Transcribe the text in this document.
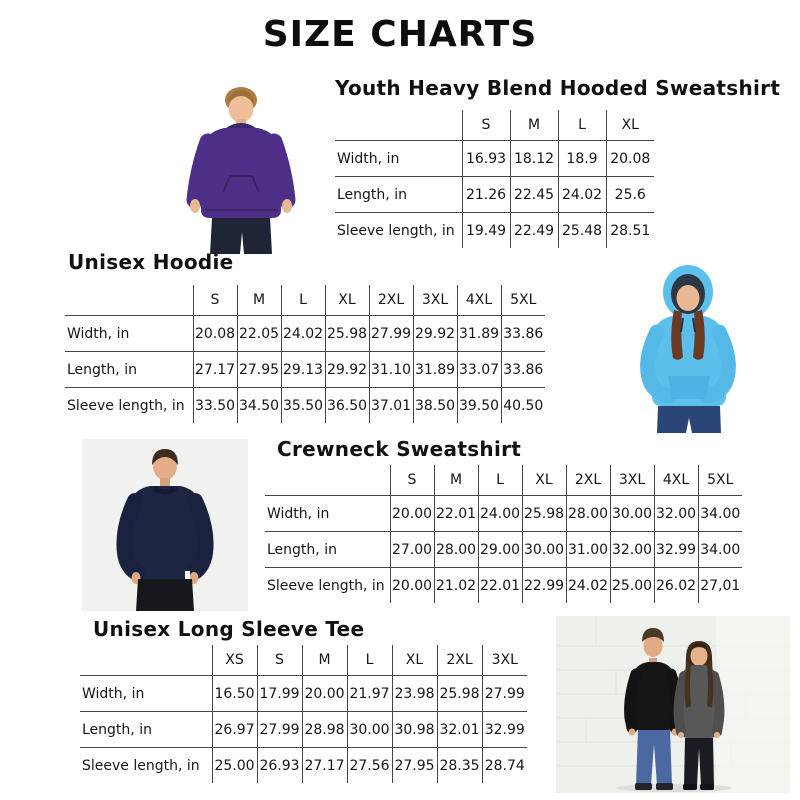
SIZE CHARTS
Youth Heavy Blend Hooded Sweatshirt
	S	M	L	XL
Width, in	16.93	18.12	18.9	20.08
Length, in	21.26	22.45	24.02	25.6
Sleeve length, in	19.49	22.49	25.48	28.51
Unisex Hoodie
	S	M	L	XL	2XL	3XL	4XL	5XL
Width, in	20.08	22.05	24.02	25.98	27.99	29.92	31.89	33.86
Length, in	27.17	27.95	29.13	29.92	31.10	31.89	33.07	33.86
Sleeve length, in	33.50	34.50	35.50	36.50	37.01	38.50	39.50	40.50
Crewneck Sweatshirt
	S	M	L	XL	2XL	3XL	4XL	5XL
Width, in	20.00	22.01	24.00	25.98	28.00	30.00	32.00	34.00
Length, in	27.00	28.00	29.00	30.00	31.00	32.00	32.99	34.00
Sleeve length, in	20.00	21.02	22.01	22.99	24.02	25.00	26.02	27,01
Unisex Long Sleeve Tee
	XS	S	M	L	XL	2XL	3XL
Width, in	16.50	17.99	20.00	21.97	23.98	25.98	27.99
Length, in	26.97	27.99	28.98	30.00	30.98	32.01	32.99
Sleeve length, in	25.00	26.93	27.17	27.56	27.95	28.35	28.74
